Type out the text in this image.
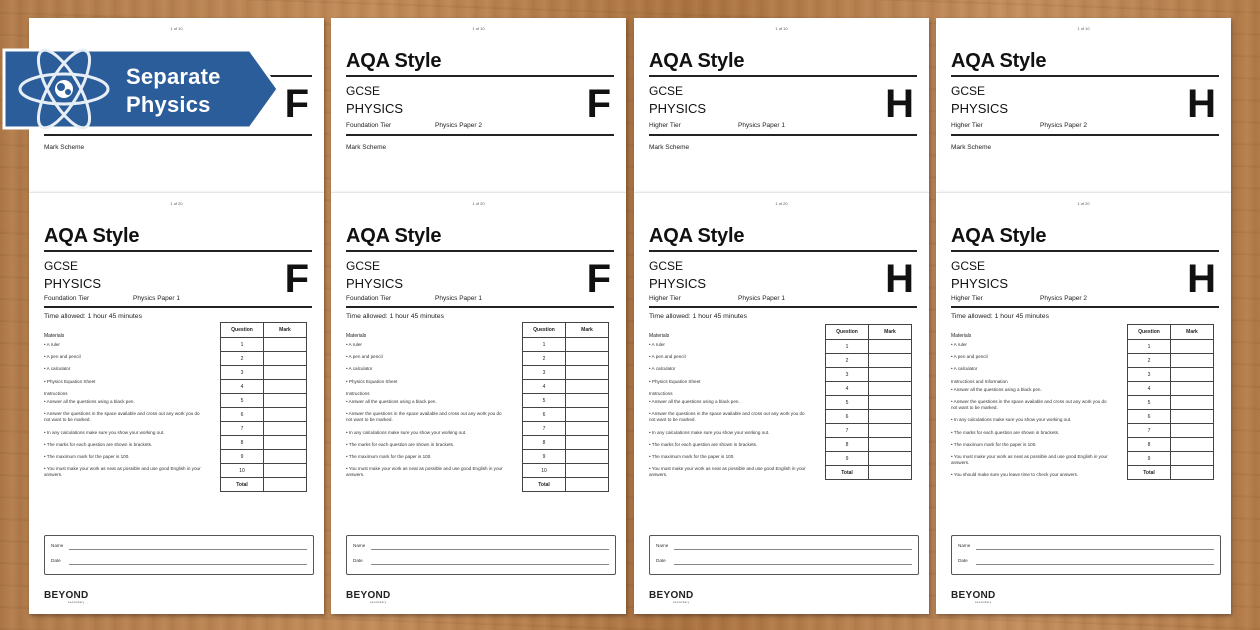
1 of 10
F
Mark Scheme
1 of 20
AQA Style
GCSE
PHYSICS
Foundation Tier	Physics Paper 1	F
Time allowed: 1 hour 45 minutes
Materials
• A ruler
• A pen and pencil
• A calculator
• Physics Equation Sheet
Instructions
• Answer all the questions using a black pen.
• Answer the questions in the space available and cross out any work you do not want to be marked.
• In any calculations make sure you show your working out.
• The marks for each question are shown in brackets.
• The maximum mark for the paper is 100.
• You must make your work as neat as possible and use good English in your answers.
Question	Mark
1	
2	
3	
4	
5	
6	
7	
8	
9	
10	
Total	
Name
Date
BEYOND
secondary
1 of 10
AQA Style
GCSE
PHYSICS
Foundation Tier	Physics Paper 2	F
Mark Scheme
1 of 20
AQA Style
GCSE
PHYSICS
Foundation Tier	Physics Paper 1	F
Time allowed: 1 hour 45 minutes
Materials
• A ruler
• A pen and pencil
• A calculator
• Physics Equation Sheet
Instructions
• Answer all the questions using a black pen.
• Answer the questions in the space available and cross out any work you do not want to be marked.
• In any calculations make sure you show your working out.
• The marks for each question are shown in brackets.
• The maximum mark for the paper is 100.
• You must make your work as neat as possible and use good English in your answers.
Question	Mark
1	
2	
3	
4	
5	
6	
7	
8	
9	
10	
Total	
Name
Date
BEYOND
secondary
1 of 10
AQA Style
GCSE
PHYSICS
Higher Tier	Physics Paper 1	H
Mark Scheme
1 of 20
AQA Style
GCSE
PHYSICS
Higher Tier	Physics Paper 1	H
Time allowed: 1 hour 45 minutes
Materials
• A ruler
• A pen and pencil
• A calculator
• Physics Equation Sheet
Instructions
• Answer all the questions using a black pen.
• Answer the questions in the space available and cross out any work you do not want to be marked.
• In any calculations make sure you show your working out.
• The marks for each question are shown in brackets.
• The maximum mark for the paper is 100.
• You must make your work as neat as possible and use good English in your answers.
Question	Mark
1	
2	
3	
4	
5	
6	
7	
8	
9	
Total	
Name
Date
BEYOND
secondary
1 of 10
AQA Style
GCSE
PHYSICS
Higher Tier	Physics Paper 2	H
Mark Scheme
1 of 20
AQA Style
GCSE
PHYSICS
Higher Tier	Physics Paper 2	H
Time allowed: 1 hour 45 minutes
Materials
• A ruler
• A pen and pencil
• A calculator
Instructions and Information
• Answer all the questions using a black pen.
• Answer the questions in the space available and cross out any work you do not want to be marked.
• In any calculations make sure you show your working out.
• The marks for each question are shown in brackets.
• The maximum mark for the paper is 100.
• You must make your work as neat as possible and use good English in your answers.
• You should make sure you leave time to check your answers.
Question	Mark
1	
2	
3	
4	
5	
6	
7	
8	
9	
Total	
Name
Date
BEYOND
secondary
Separate
Physics
